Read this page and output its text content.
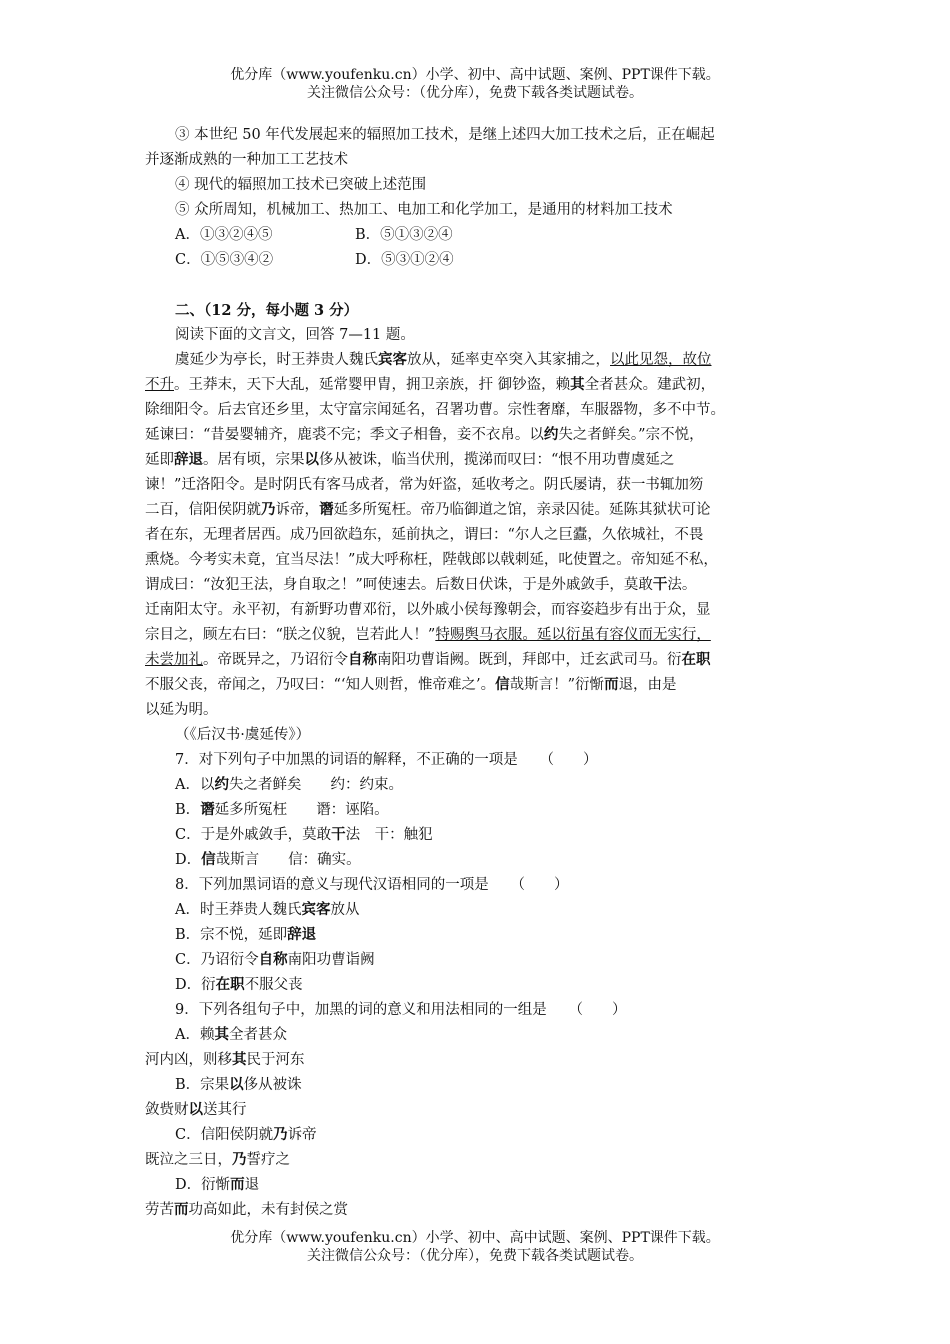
优分库（www.youfenku.cn）小学、初中、高中试题、案例、PPT课件下载。
关注微信公众号：（优分库），免费下载各类试题试卷。
③ 本世纪 50 年代发展起来的辐照加工技术，是继上述四大加工技术之后，正在崛起
并逐渐成熟的一种加工工艺技术
④ 现代的辐照加工技术已突破上述范围
⑤ 众所周知，机械加工、热加工、电加工和化学加工，是通用的材料加工技术
A．①③②④⑤	B．⑤①③②④
C．①⑤③④②	D．⑤③①②④
二、（12 分，每小题 3 分）
阅读下面的文言文，回答 7—11 题。
虞延少为亭长，时王莽贵人魏氏宾客放从，延率吏卒突入其家捕之，以此见怨，故位
不升。王莽末，天下大乱，延常婴甲胄，拥卫亲族，扞 御钞盗，赖其全者甚众。建武初，
除细阳令。后去官还乡里，太守富宗闻延名，召署功曹。宗性奢靡，车服器物，多不中节。
延谏曰：“昔晏婴辅齐，鹿裘不完；季文子相鲁，妾不衣帛。以约失之者鲜矣。”宗不悦，
延即辞退。居有顷，宗果以侈从被诛，临当伏刑，揽涕而叹曰：“恨不用功曹虞延之
谏！”迁洛阳令。是时阴氏有客马成者，常为奸盗，延收考之。阴氏屡请，获一书辄加笏
二百，信阳侯阴就乃诉帝，谮延多所冤枉。帝乃临御道之馆，亲录囚徒。延陈其狱状可论
者在东，无理者居西。成乃回欲趋东，延前执之，谓曰：“尔人之巨蠹，久依城社，不畏
熏烧。今考实未竟，宜当尽法！”成大呼称枉，陛戟郎以戟刺延，叱使置之。帝知延不私，
谓成曰：“汝犯王法，身自取之！”呵使速去。后数日伏诛，于是外戚敛手，莫敢干法。
迁南阳太守。永平初，有新野功曹邓衍，以外戚小侯每豫朝会，而容姿趋步有出于众，显
宗目之，顾左右曰：“朕之仪貌，岂若此人！”特赐舆马衣服。延以衍虽有容仪而无实行，
未尝加礼。帝既异之，乃诏衍令自称南阳功曹诣阙。既到，拜郎中，迁玄武司马。衍在职
不服父丧，帝闻之，乃叹曰：“‘知人则哲，惟帝难之’。信哉斯言！”衍惭而退，由是
以延为明。
（《后汉书·虞延传》）
7．对下列句子中加黑的词语的解释，不正确的一项是　　（　　）
A．以约失之者鲜矣　　约：约束。
B．谮延多所冤枉　　谮：诬陷。
C．于是外戚敛手，莫敢干法　干：触犯
D．信哉斯言　　信：确实。
8．下列加黑词语的意义与现代汉语相同的一项是　　（　　）
A．时王莽贵人魏氏宾客放从
B．宗不悦，延即辞退
C．乃诏衍令自称南阳功曹诣阙
D．衍在职不服父丧
9．下列各组句子中，加黑的词的意义和用法相同的一组是　　（　　）
A．赖其全者甚众
河内凶，则移其民于河东
B．宗果以侈从被诛
敛赀财以送其行
C．信阳侯阴就乃诉帝
既泣之三日，乃誓疗之
D．衍惭而退
劳苦而功高如此，未有封侯之赏
优分库（www.youfenku.cn）小学、初中、高中试题、案例、PPT课件下载。
关注微信公众号：（优分库），免费下载各类试题试卷。
